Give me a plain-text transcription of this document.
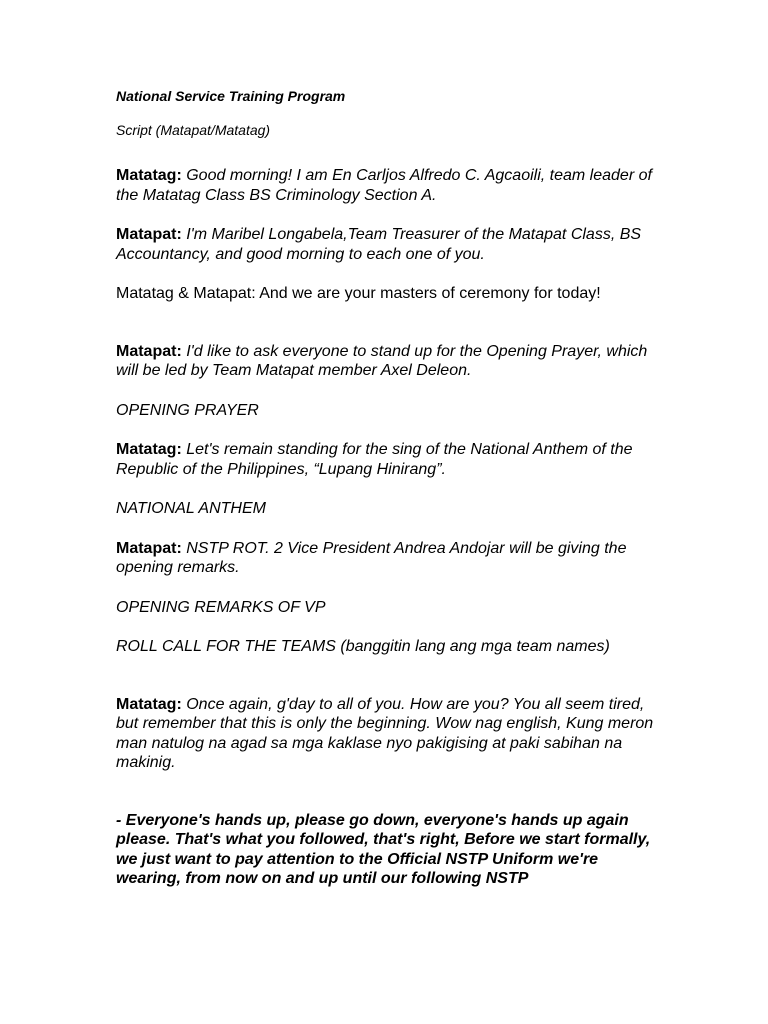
National Service Training Program

Script (Matapat/Matatag)

Matatag: Good morning! I am En Carljos Alfredo C. Agcaoili, team leader of the Matatag Class BS Criminology Section A.

Matapat: I'm Maribel Longabela,Team Treasurer of the Matapat Class, BS Accountancy, and good morning to each one of you.

Matatag & Matapat: And we are your masters of ceremony for today!

Matapat: I'd like to ask everyone to stand up for the Opening Prayer, which will be led by Team Matapat member Axel Deleon.

OPENING PRAYER

Matatag: Let's remain standing for the sing of the National Anthem of the Republic of the Philippines, “Lupang Hinirang”.

NATIONAL ANTHEM

Matapat: NSTP ROT. 2 Vice President Andrea Andojar will be giving the opening remarks.

OPENING REMARKS OF VP

ROLL CALL FOR THE TEAMS (banggitin lang ang mga team names)

Matatag: Once again, g'day to all of you. How are you? You all seem tired, but remember that this is only the beginning. Wow nag english, Kung meron man natulog na agad sa mga kaklase nyo pakigising at paki sabihan na makinig.

- Everyone's hands up, please go down, everyone's hands up again please. That's what you followed, that's right, Before we start formally, we just want to pay attention to the Official NSTP Uniform we're wearing, from now on and up until our following NSTP
